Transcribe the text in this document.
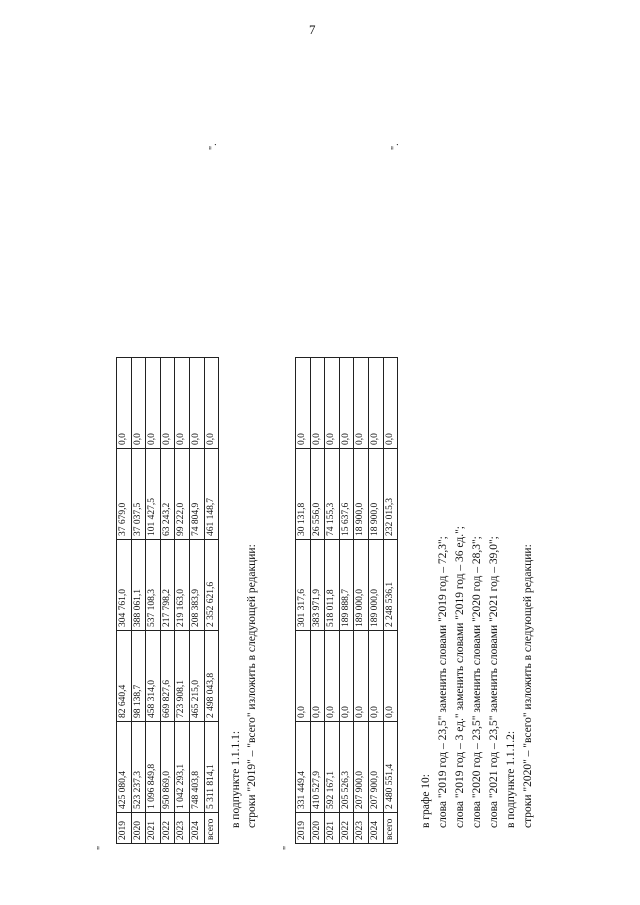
7
"
2019	425 080,4	82 640,4	304 761,0	37 679,0	0,0
2020	523 237,3	98 138,7	388 061,1	37 037,5	0,0
2021	1 096 849,8	458 314,0	537 108,3	101 427,5	0,0
2022	950 869,0	669 827,6	217 798,2	63 243,2	0,0
2023	1 042 293,1	723 908,1	219 163,0	99 222,0	0,0
2024	748 403,8	465 215,0	208 383,9	74 804,9	0,0
всего	5 311 814,1	2 498 043,8	2 352 621,6	461 148,7	0,0
".
в подпункте 1.1.1.1: строки "2019" – "всего" изложить в следующей редакции:
"
2019	331 449,4	0,0	301 317,6	30 131,8	0,0
2020	410 527,9	0,0	383 971,9	26 556,0	0,0
2021	592 167,1	0,0	518 011,8	74 155,3	0,0
2022	205 526,3	0,0	189 888,7	15 637,6	0,0
2023	207 900,0	0,0	189 000,0	18 900,0	0,0
2024	207 900,0	0,0	189 000,0	18 900,0	0,0
всего	2 480 551,4	0,0	2 248 536,1	232 015,3	0,0
".
в графе 10: слова "2019 год – 23,5" заменить словами "2019 год – 72,3"; слова "2019 год – 3 ед." заменить словами "2019 год – 36 ед."; слова "2020 год – 23,5" заменить словами "2020 год – 28,3"; слова "2021 год – 23,5" заменить словами "2021 год – 39,0"; в подпункте 1.1.1.2: строки "2020" – "всего" изложить в следующей редакции:
